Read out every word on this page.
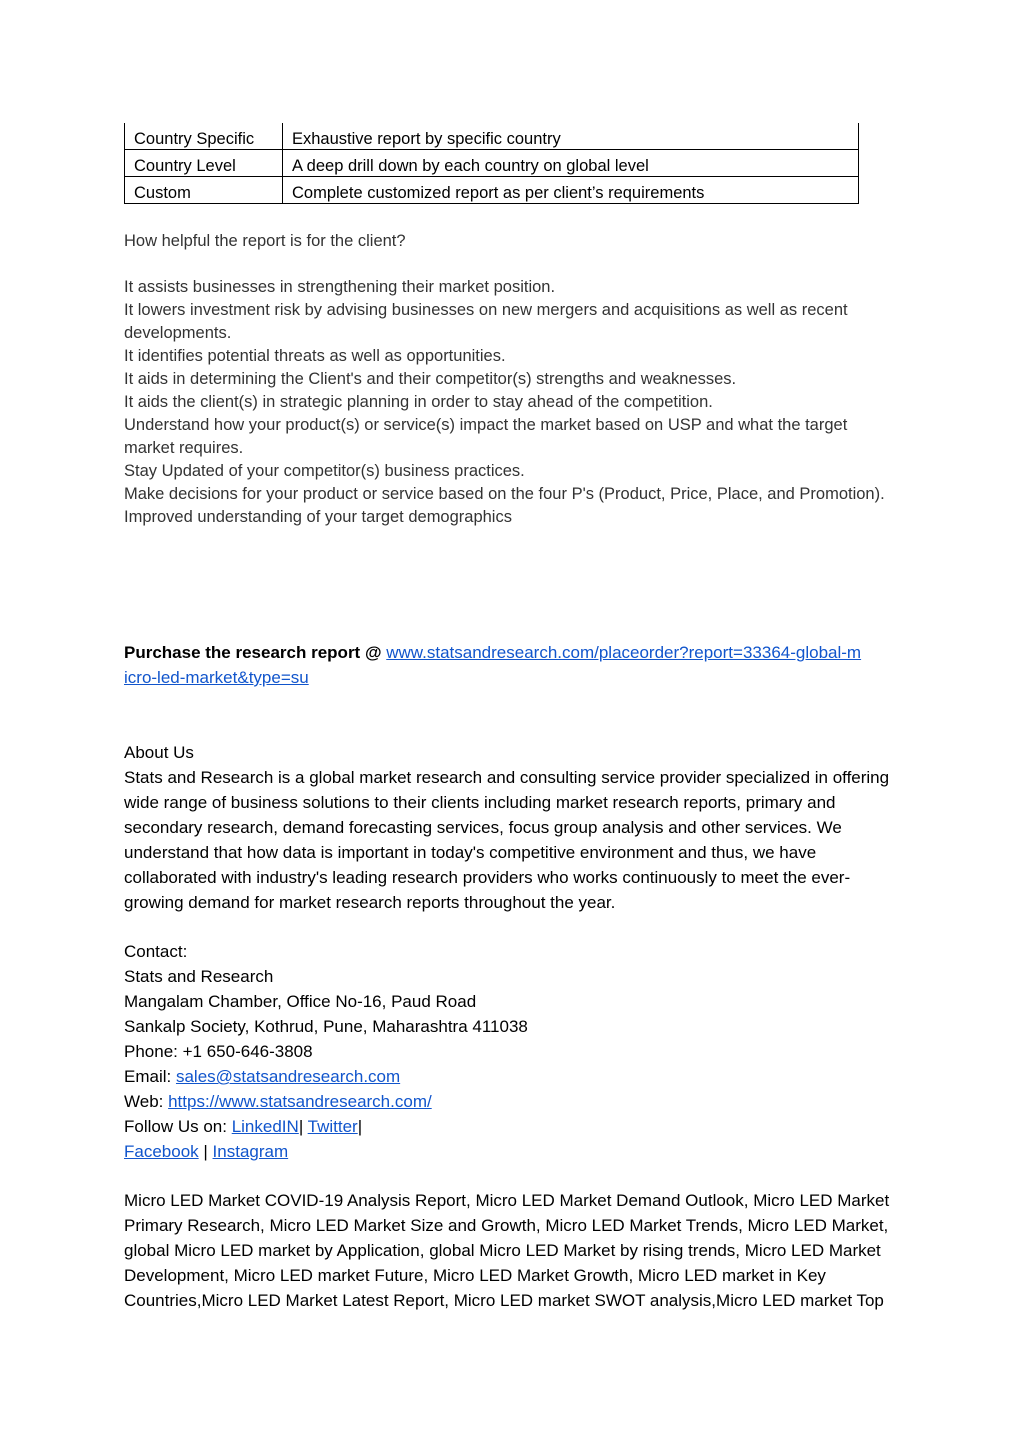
Country Specific	Exhaustive report by specific country
Country Level	A deep drill down by each country on global level
Custom	Complete customized report as per client’s requirements
How helpful the report is for the client?
It assists businesses in strengthening their market position.
It lowers investment risk by advising businesses on new mergers and acquisitions as well as recent developments.
It identifies potential threats as well as opportunities.
It aids in determining the Client's and their competitor(s) strengths and weaknesses.
It aids the client(s) in strategic planning in order to stay ahead of the competition.
Understand how your product(s) or service(s) impact the market based on USP and what the target market requires.
Stay Updated of your competitor(s) business practices.
Make decisions for your product or service based on the four P's (Product, Price, Place, and Promotion).
Improved understanding of your target demographics
Purchase the research report @ www.statsandresearch.com/placeorder?report=33364-global-micro-led-market&type=su
About Us
Stats and Research is a global market research and consulting service provider specialized in offering wide range of business solutions to their clients including market research reports, primary and secondary research, demand forecasting services, focus group analysis and other services. We understand that how data is important in today's competitive environment and thus, we have collaborated with industry's leading research providers who works continuously to meet the ever-growing demand for market research reports throughout the year.
Contact:
Stats and Research
Mangalam Chamber, Office No-16, Paud Road
Sankalp Society, Kothrud, Pune, Maharashtra 411038
Phone: +1 650-646-3808
Email: sales@statsandresearch.com
Web: https://www.statsandresearch.com/
Follow Us on: LinkedIN| Twitter|
Facebook | Instagram
Micro LED Market COVID-19 Analysis Report, Micro LED Market Demand Outlook, Micro LED Market Primary Research, Micro LED Market Size and Growth, Micro LED Market Trends, Micro LED Market, global Micro LED market by Application, global Micro LED Market by rising trends, Micro LED Market Development, Micro LED market Future, Micro LED Market Growth, Micro LED market in Key Countries,Micro LED Market Latest Report, Micro LED market SWOT analysis,Micro LED market Top
